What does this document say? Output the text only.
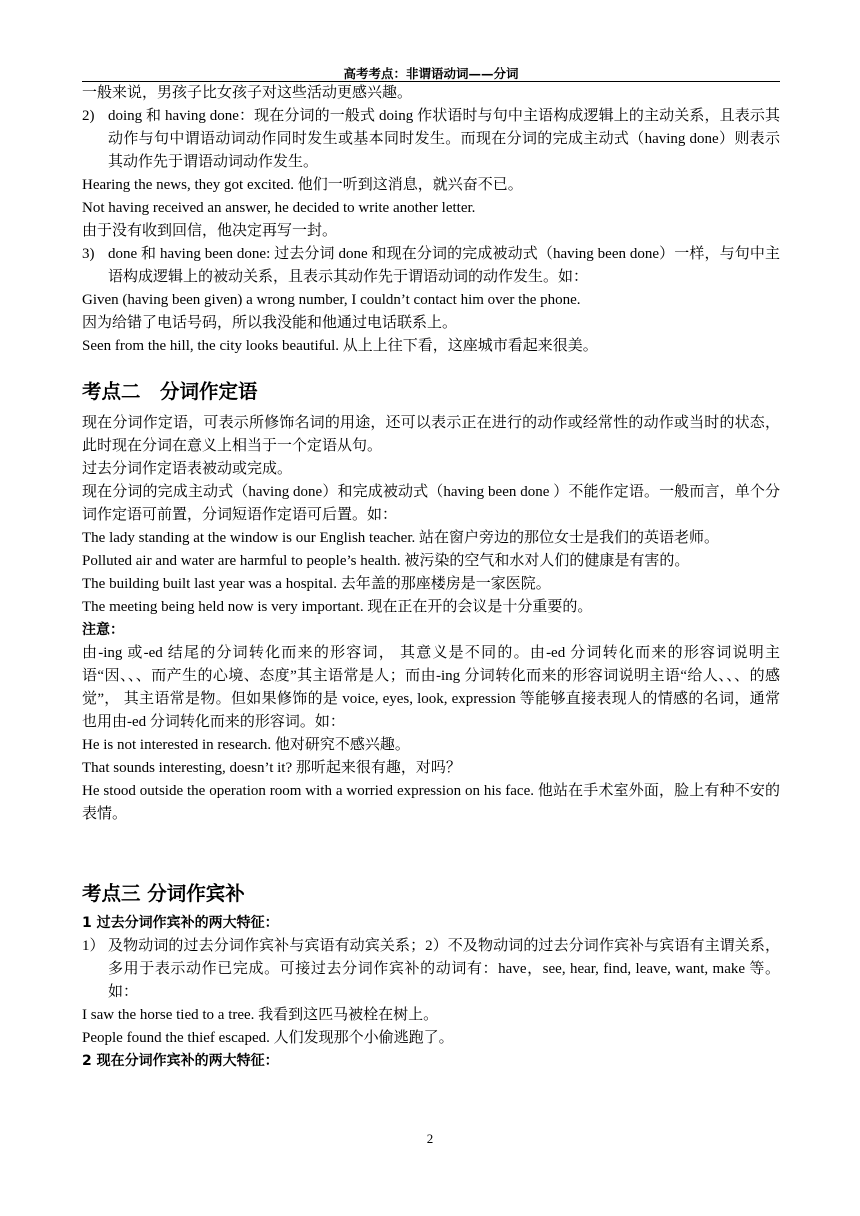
高考考点：非谓语动词——分词

一般来说，男孩子比女孩子对这些活动更感兴趣。

2) doing 和 having done：现在分词的一般式 doing 作状语时与句中主语构成逻辑上的主动关系，且表示其动作与句中谓语动词动作同时发生或基本同时发生。而现在分词的完成主动式（having done）则表示其动作先于谓语动词动作发生。

Hearing the news, they got excited. 他们一听到这消息，就兴奋不已。

Not having received an answer, he decided to write another letter.

由于没有收到回信，他决定再写一封。

3) done 和 having been done: 过去分词 done 和现在分词的完成被动式（having been done）一样，与句中主语构成逻辑上的被动关系，且表示其动作先于谓语动词的动作发生。如：

Given (having been given) a wrong number, I couldn’t contact him over the phone.

因为给错了电话号码，所以我没能和他通过电话联系上。

Seen from the hill, the city looks beautiful. 从上上往下看，这座城市看起来很美。

考点二　分词作定语

现在分词作定语，可表示所修饰名词的用途，还可以表示正在进行的动作或经常性的动作或当时的状态，此时现在分词在意义上相当于一个定语从句。

过去分词作定语表被动或完成。

现在分词的完成主动式（having done）和完成被动式（having been done ）不能作定语。一般而言，单个分词作定语可前置，分词短语作定语可后置。如：

The lady standing at the window is our English teacher. 站在窗户旁边的那位女士是我们的英语老师。

Polluted air and water are harmful to people’s health. 被污染的空气和水对人们的健康是有害的。

The building built last year was a hospital. 去年盖的那座楼房是一家医院。

The meeting being held now is very important. 现在正在开的会议是十分重要的。

注意：

由-ing 或-ed 结尾的分词转化而来的形容词， 其意义是不同的。由-ed 分词转化而来的形容词说明主语“因、、、而产生的心境、态度”其主语常是人；而由-ing 分词转化而来的形容词说明主语“给人、、、的感觉”， 其主语常是物。但如果修饰的是 voice, eyes, look, expression 等能够直接表现人的情感的名词，通常也用由-ed 分词转化而来的形容词。如：

He is not interested in research. 他对研究不感兴趣。

That sounds interesting, doesn’t it? 那听起来很有趣，对吗？

He stood outside the operation room with a worried expression on his face. 他站在手术室外面，脸上有种不安的表情。

考点三 分词作宾补

1 过去分词作宾补的两大特征：

1） 及物动词的过去分词作宾补与宾语有动宾关系；2）不及物动词的过去分词作宾补与宾语有主谓关系，多用于表示动作已完成。可接过去分词作宾补的动词有：have，see, hear, find, leave, want, make 等。如：

I saw the horse tied to a tree. 我看到这匹马被栓在树上。

People found the thief escaped. 人们发现那个小偷逃跑了。

2 现在分词作宾补的两大特征：

2
